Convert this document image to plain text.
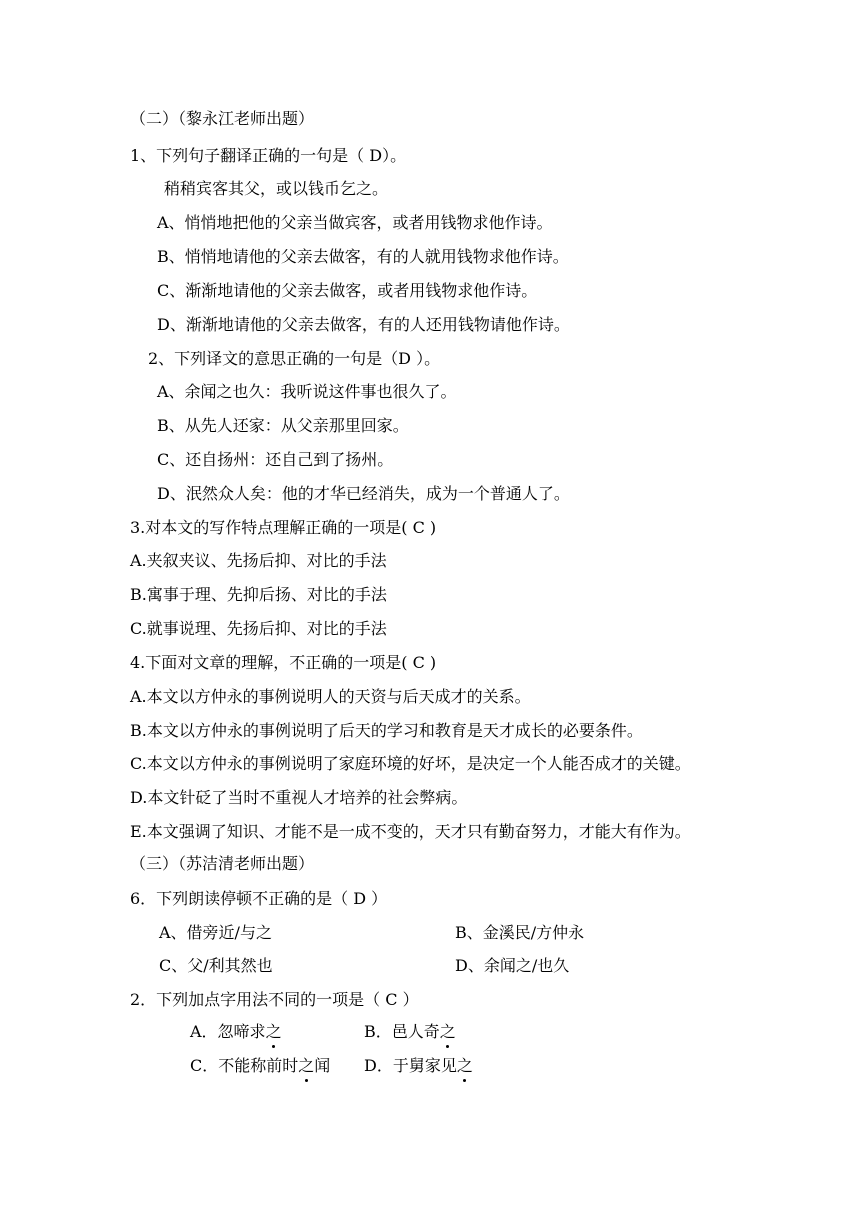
（二）（黎永江老师出题）
1、下列句子翻译正确的一句是（ D）。
稍稍宾客其父，或以钱币乞之。
A、悄悄地把他的父亲当做宾客，或者用钱物求他作诗。
B、悄悄地请他的父亲去做客，有的人就用钱物求他作诗。
C、渐渐地请他的父亲去做客，或者用钱物求他作诗。
D、渐渐地请他的父亲去做客，有的人还用钱物请他作诗。
2、下列译文的意思正确的一句是（D ）。
A、余闻之也久：我听说这件事也很久了。
B、从先人还家：从父亲那里回家。
C、还自扬州：还自己到了扬州。
D、泯然众人矣：他的才华已经消失，成为一个普通人了。
3.对本文的写作特点理解正确的一项是( C )
A.夹叙夹议、先扬后抑、对比的手法
B.寓事于理、先抑后扬、对比的手法
C.就事说理、先扬后抑、对比的手法
4.下面对文章的理解，不正确的一项是( C )
A.本文以方仲永的事例说明人的天资与后天成才的关系。
B.本文以方仲永的事例说明了后天的学习和教育是天才成长的必要条件。
C.本文以方仲永的事例说明了家庭环境的好坏，是决定一个人能否成才的关键。
D.本文针砭了当时不重视人才培养的社会弊病。
E.本文强调了知识、才能不是一成不变的，天才只有勤奋努力，才能大有作为。
（三）（苏洁清老师出题）
6．下列朗读停顿不正确的是（ D ）
A、借旁近/与之	B、金溪民/方仲永
C、父/利其然也	D、余闻之/也久
2．下列加点字用法不同的一项是（ C ）
A．忽啼求之	B．邑人奇之
C．不能称前时之闻 D．于舅家见之
